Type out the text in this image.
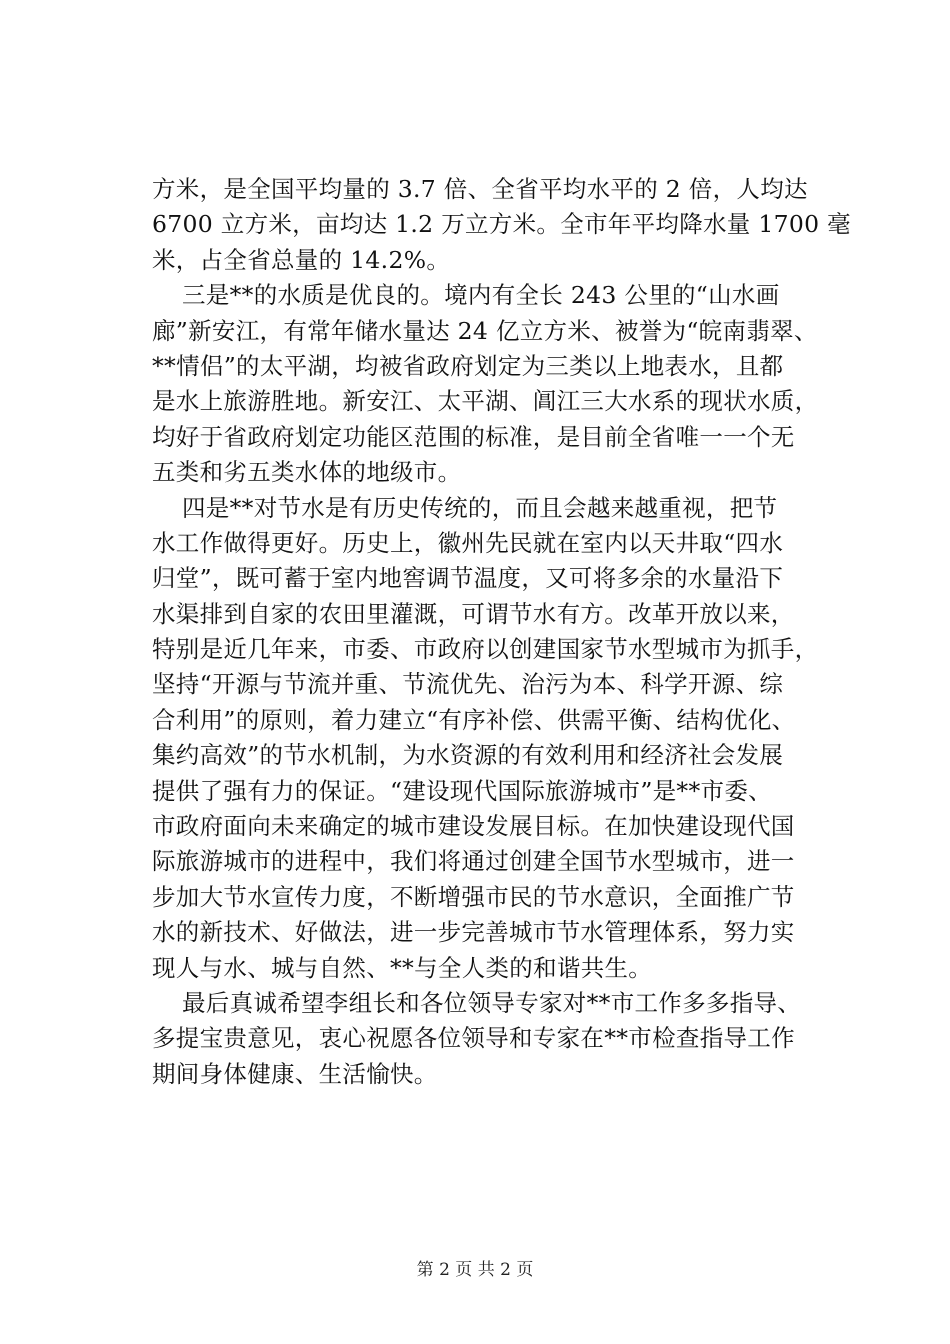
方米，是全国平均量的 3.7 倍、全省平均水平的 2 倍，人均达
6700 立方米，亩均达 1.2 万立方米。全市年平均降水量 1700 毫
米，占全省总量的 14.2%。
三是**的水质是优良的。境内有全长 243 公里的“山水画
廊”新安江，有常年储水量达 24 亿立方米、被誉为“皖南翡翠、
**情侣”的太平湖，均被省政府划定为三类以上地表水，且都
是水上旅游胜地。新安江、太平湖、阊江三大水系的现状水质，
均好于省政府划定功能区范围的标准，是目前全省唯一一个无
五类和劣五类水体的地级市。
四是**对节水是有历史传统的，而且会越来越重视，把节
水工作做得更好。历史上，徽州先民就在室内以天井取“四水
归堂”，既可蓄于室内地窖调节温度，又可将多余的水量沿下
水渠排到自家的农田里灌溉，可谓节水有方。改革开放以来，
特别是近几年来，市委、市政府以创建国家节水型城市为抓手，
坚持“开源与节流并重、节流优先、治污为本、科学开源、综
合利用”的原则，着力建立“有序补偿、供需平衡、结构优化、
集约高效”的节水机制，为水资源的有效利用和经济社会发展
提供了强有力的保证。“建设现代国际旅游城市”是**市委、
市政府面向未来确定的城市建设发展目标。在加快建设现代国
际旅游城市的进程中，我们将通过创建全国节水型城市，进一
步加大节水宣传力度，不断增强市民的节水意识，全面推广节
水的新技术、好做法，进一步完善城市节水管理体系，努力实
现人与水、城与自然、**与全人类的和谐共生。
最后真诚希望李组长和各位领导专家对**市工作多多指导、
多提宝贵意见，衷心祝愿各位领导和专家在**市检查指导工作
期间身体健康、生活愉快。
第 2 页 共 2 页
